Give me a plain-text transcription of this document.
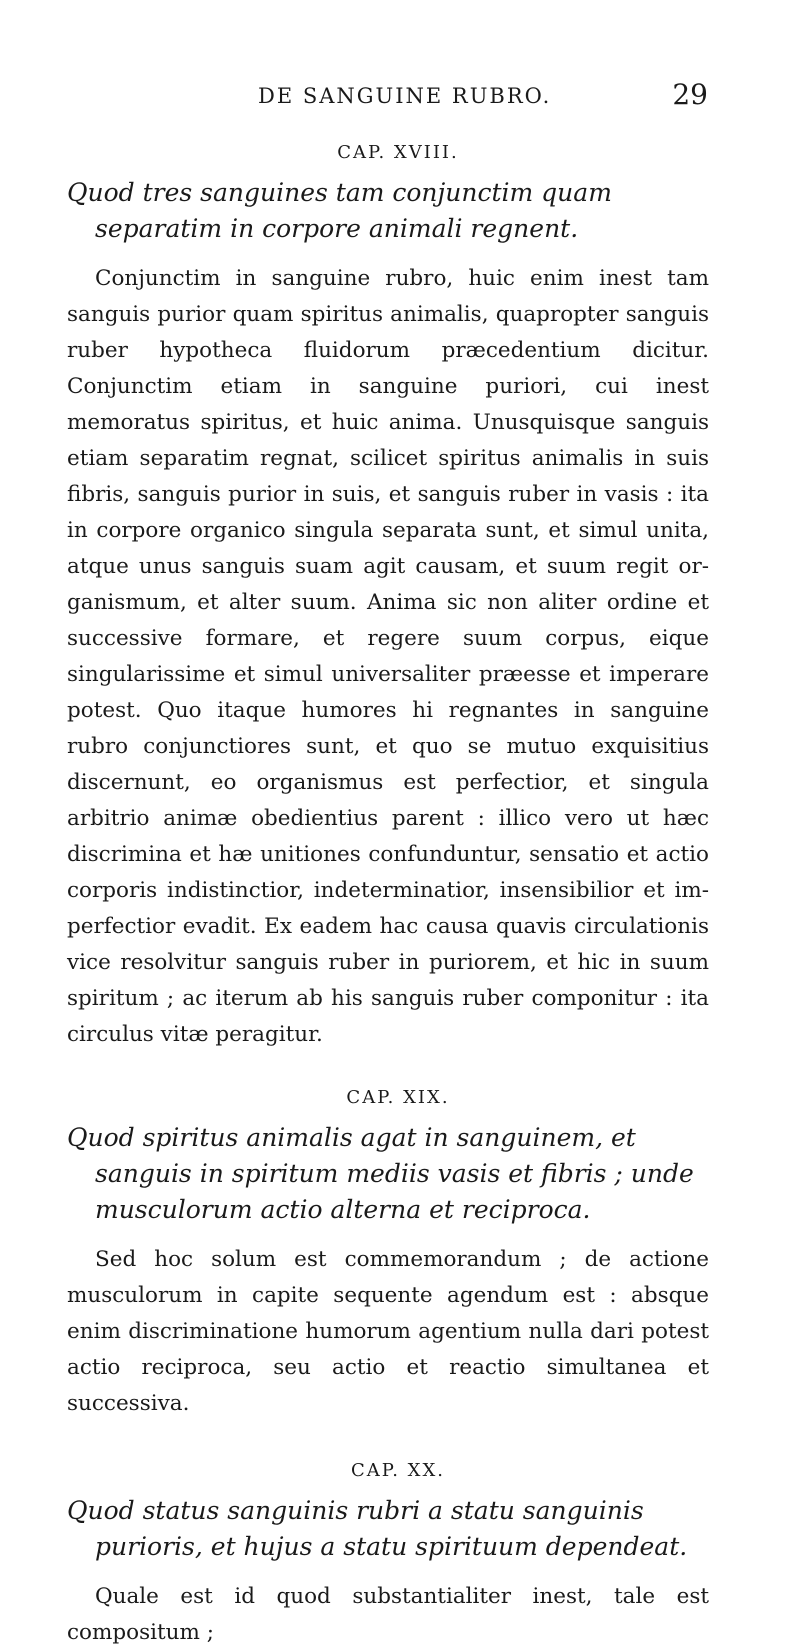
DE SANGUINE RUBRO.	29
CAP. XVIII.
Quod tres sanguines tam conjunctim quam separatim in corpore animali regnent.

Conjunctim in sanguine rubro, huic enim inest tam sanguis purior quam spiritus animalis, quapropter sanguis ruber hypotheca fluidorum præcedentium dicitur. Conjunctim etiam in sanguine puriori, cui inest memoratus spiritus, et huic anima. Unusquisque sanguis etiam separatim regnat, scilicet spiritus animalis in suis fibris, sanguis purior in suis, et sanguis ruber in vasis : ita in corpore organico singula separata sunt, et simul unita, atque unus sanguis suam agit causam, et suum regit organismum, et alter suum. Anima sic non aliter ordine et successive formare, et regere suum corpus, eique singularissime et simul universaliter præesse et imperare potest. Quo itaque humores hi regnantes in sanguine rubro conjunctiores sunt, et quo se mutuo exquisitius discernunt, eo organismus est perfectior, et singula arbitrio animæ obedientius parent : illico vero ut hæc discrimina et hæ unitiones confunduntur, sensatio et actio corporis indistinctior, indeterminatior, insensibilior et imperfectior evadit. Ex eadem hac causa quavis circulationis vice resolvitur sanguis ruber in puriorem, et hic in suum spiritum ; ac iterum ab his sanguis ruber componitur : ita circulus vitæ peragitur.

CAP. XIX.
Quod spiritus animalis agat in sanguinem, et sanguis in spiritum mediis vasis et fibris ; unde musculorum actio alterna et reciproca.

Sed hoc solum est commemorandum ; de actione musculorum in capite sequente agendum est : absque enim discriminatione humorum agentium nulla dari potest actio reciproca, seu actio et reactio simultanea et successiva.

CAP. XX.
Quod status sanguinis rubri a statu sanguinis purioris, et hujus a statu spirituum dependeat.

Quale est id quod substantialiter inest, tale est compositum ;
